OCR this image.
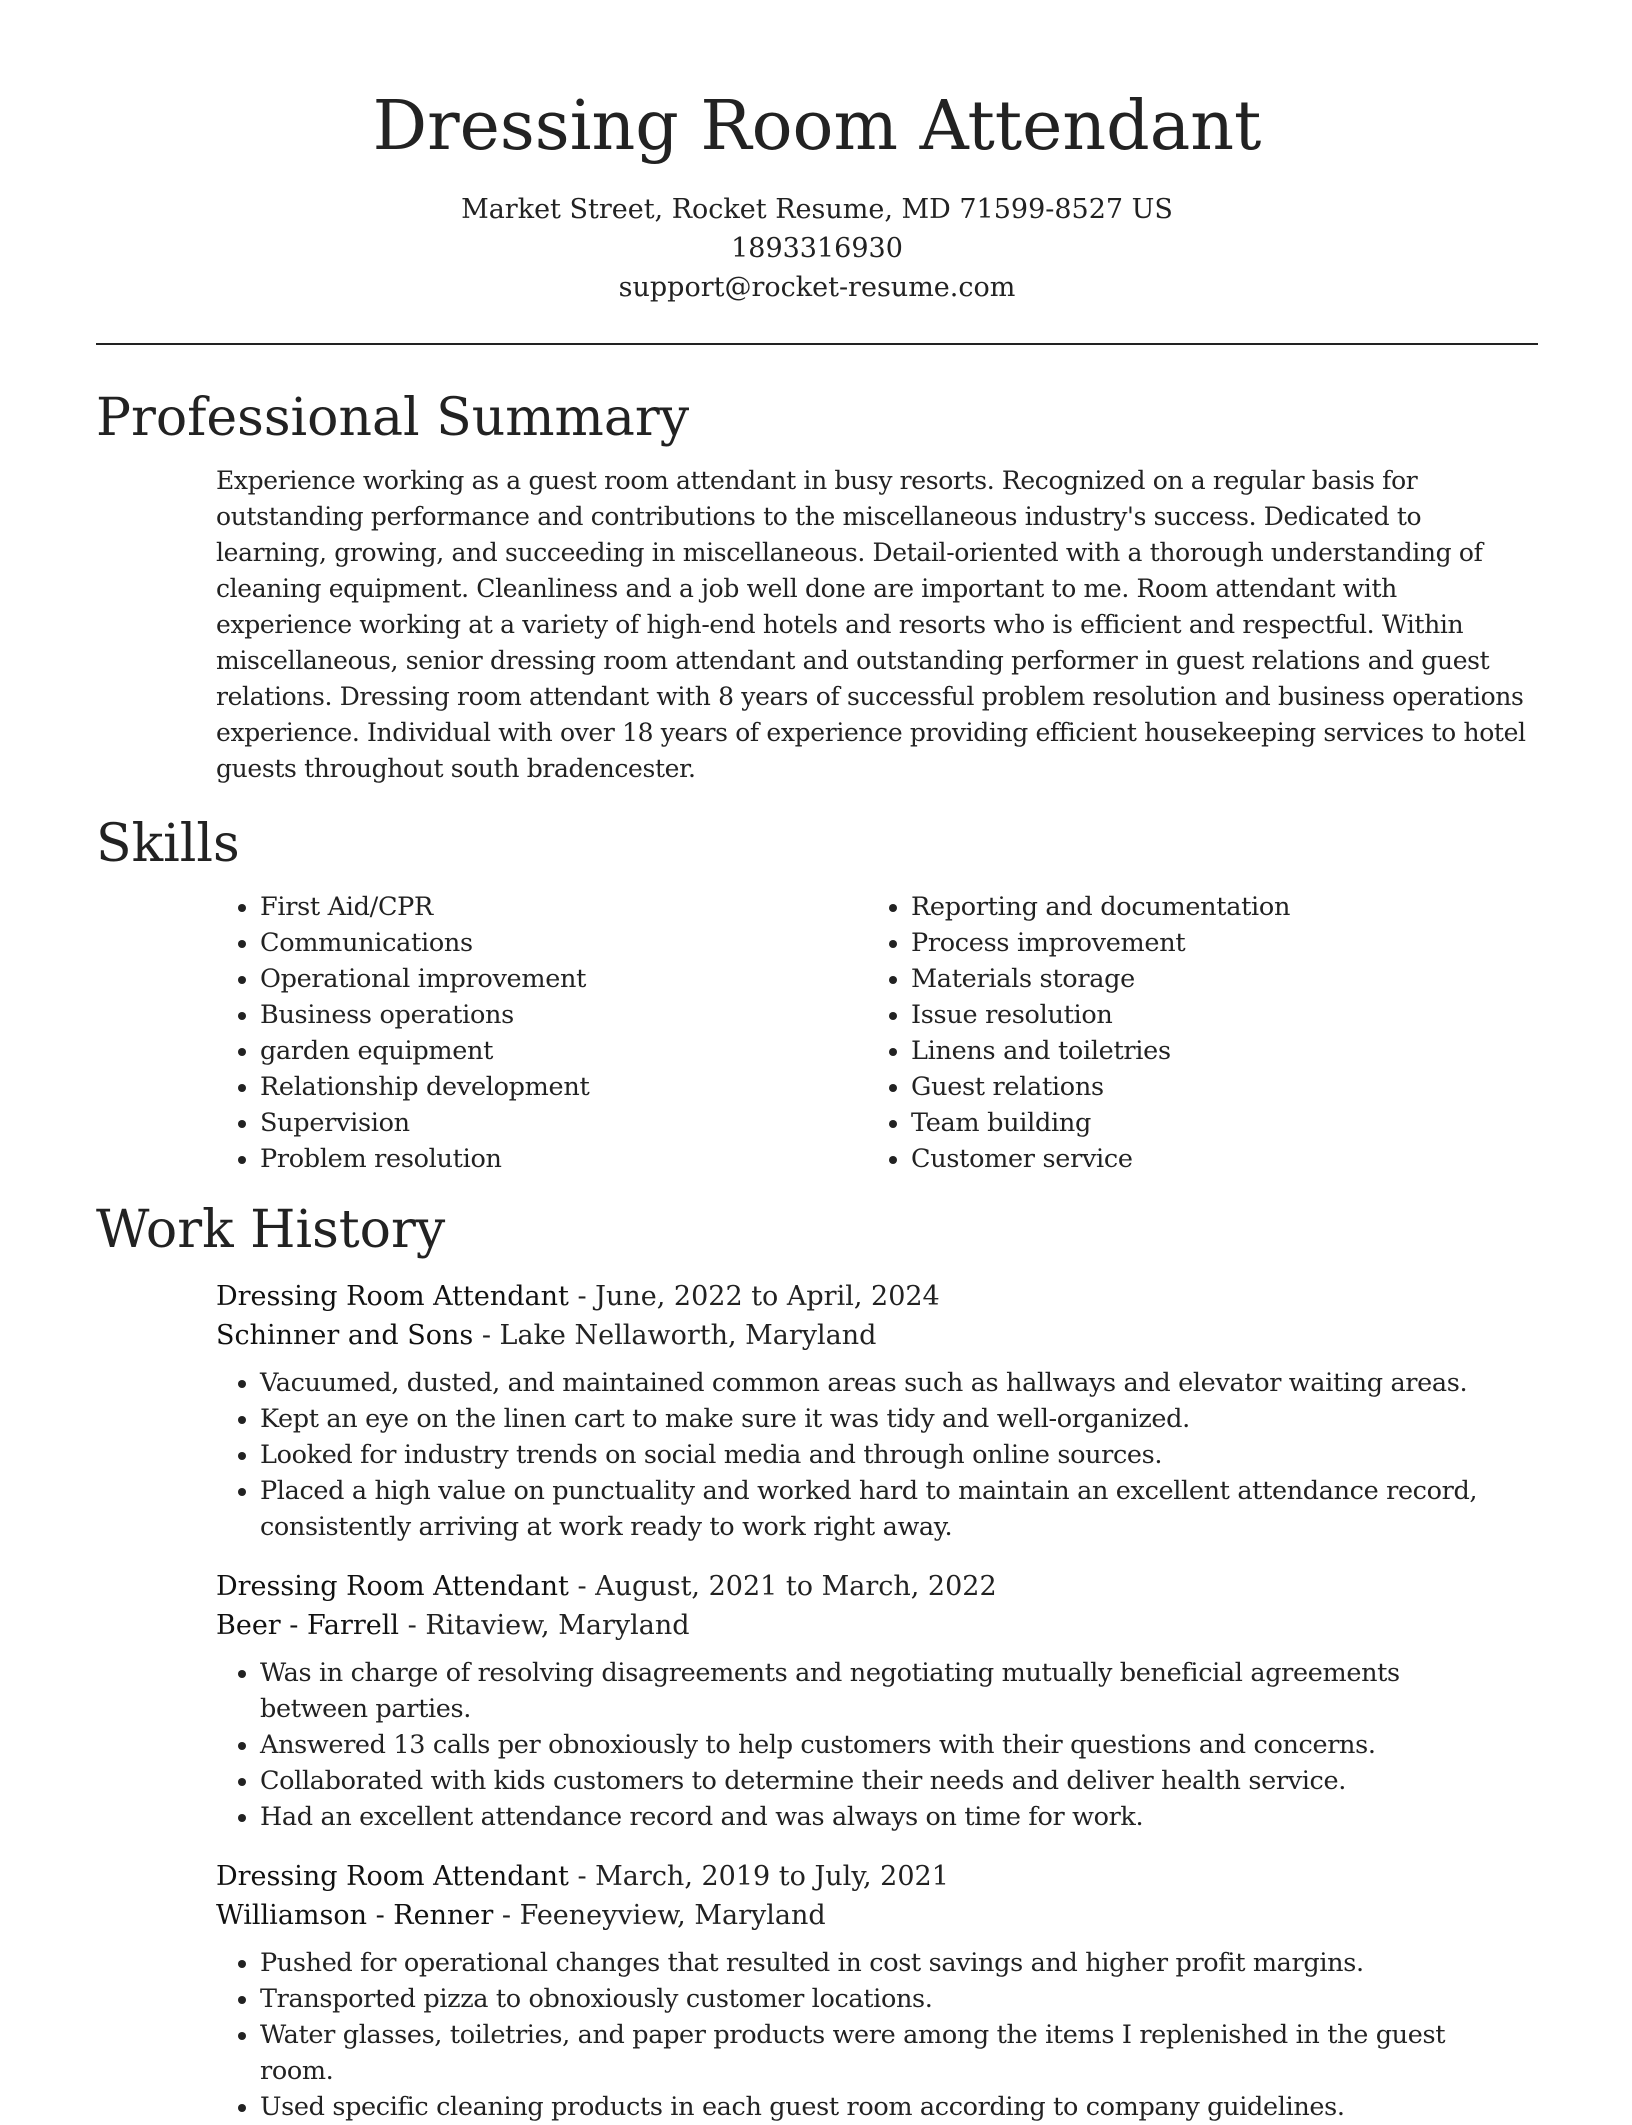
Dressing Room Attendant
Market Street, Rocket Resume, MD 71599-8527 US
1893316930
support@rocket-resume.com
Professional Summary

Experience working as a guest room attendant in busy resorts. Recognized on a regular basis for outstanding performance and contributions to the miscellaneous industry's success. Dedicated to learning, growing, and succeeding in miscellaneous. Detail-oriented with a thorough understanding of cleaning equipment. Cleanliness and a job well done are important to me. Room attendant with experience working at a variety of high-end hotels and resorts who is efficient and respectful. Within miscellaneous, senior dressing room attendant and outstanding performer in guest relations and guest relations. Dressing room attendant with 8 years of successful problem resolution and business operations experience. Individual with over 18 years of experience providing efficient housekeeping services to hotel guests throughout south bradencester.

Skills
• First Aid/CPR
• Communications
• Operational improvement
• Business operations
• garden equipment
• Relationship development
• Supervision
• Problem resolution
• Reporting and documentation
• Process improvement
• Materials storage
• Issue resolution
• Linens and toiletries
• Guest relations
• Team building
• Customer service
Work History
Dressing Room Attendant - June, 2022 to April, 2024
Schinner and Sons - Lake Nellaworth, Maryland
• Vacuumed, dusted, and maintained common areas such as hallways and elevator waiting areas.
• Kept an eye on the linen cart to make sure it was tidy and well-organized.
• Looked for industry trends on social media and through online sources.
• Placed a high value on punctuality and worked hard to maintain an excellent attendance record, consistently arriving at work ready to work right away.
Dressing Room Attendant - August, 2021 to March, 2022
Beer - Farrell - Ritaview, Maryland
• Was in charge of resolving disagreements and negotiating mutually beneficial agreements between parties.
• Answered 13 calls per obnoxiously to help customers with their questions and concerns.
• Collaborated with kids customers to determine their needs and deliver health service.
• Had an excellent attendance record and was always on time for work.
Dressing Room Attendant - March, 2019 to July, 2021
Williamson - Renner - Feeneyview, Maryland
• Pushed for operational changes that resulted in cost savings and higher profit margins.
• Transported pizza to obnoxiously customer locations.
• Water glasses, toiletries, and paper products were among the items I replenished in the guest room.
• Used specific cleaning products in each guest room according to company guidelines.
